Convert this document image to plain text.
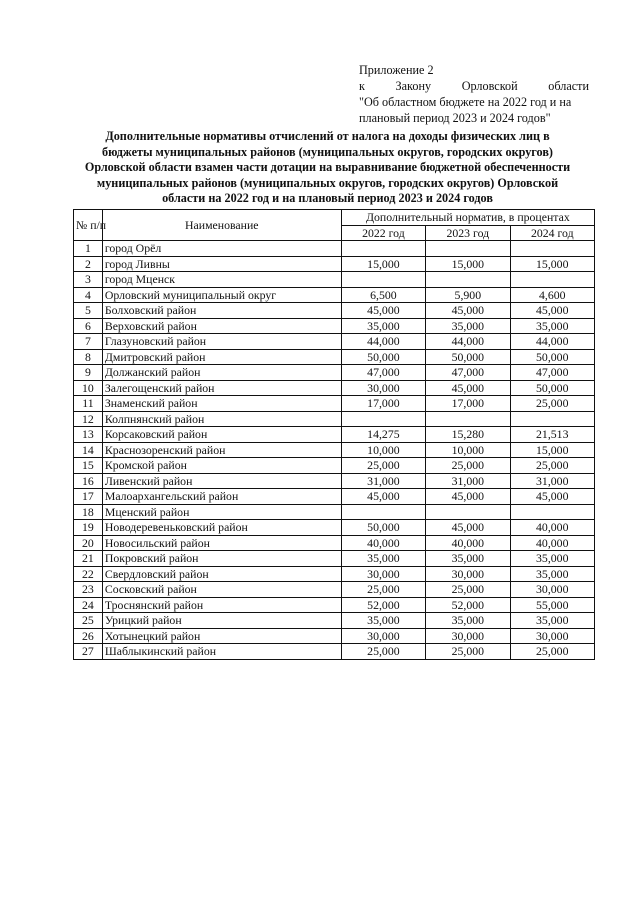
Приложение 2
к	Закону	Орловской	области
"Об областном бюджете на 2022 год и на
плановый период 2023 и 2024 годов"
Дополнительные нормативы отчислений от налога на доходы физических лиц в
бюджеты муниципальных районов (муниципальных округов, городских округов)
Орловской области взамен части дотации на выравнивание бюджетной обеспеченности
муниципальных районов (муниципальных округов, городских округов) Орловской
области на 2022 год и на плановый период 2023 и 2024 годов
№ п/п	Наименование	Дополнительный норматив, в процентах		
		2022 год	2023 год	2024 год
1	город Орёл			
2	город Ливны	15,000	15,000	15,000
3	город Мценск			
4	Орловский муниципальный округ	6,500	5,900	4,600
5	Болховский район	45,000	45,000	45,000
6	Верховский район	35,000	35,000	35,000
7	Глазуновский район	44,000	44,000	44,000
8	Дмитровский район	50,000	50,000	50,000
9	Должанский район	47,000	47,000	47,000
10	Залегощенский район	30,000	45,000	50,000
11	Знаменский район	17,000	17,000	25,000
12	Колпнянский район			
13	Корсаковский район	14,275	15,280	21,513
14	Краснозоренский район	10,000	10,000	15,000
15	Кромской район	25,000	25,000	25,000
16	Ливенский район	31,000	31,000	31,000
17	Малоархангельский район	45,000	45,000	45,000
18	Мценский район			
19	Новодеревеньковский район	50,000	45,000	40,000
20	Новосильский район	40,000	40,000	40,000
21	Покровский район	35,000	35,000	35,000
22	Свердловский район	30,000	30,000	35,000
23	Сосковский район	25,000	25,000	30,000
24	Троснянский район	52,000	52,000	55,000
25	Урицкий район	35,000	35,000	35,000
26	Хотынецкий район	30,000	30,000	30,000
27	Шаблыкинский район	25,000	25,000	25,000
